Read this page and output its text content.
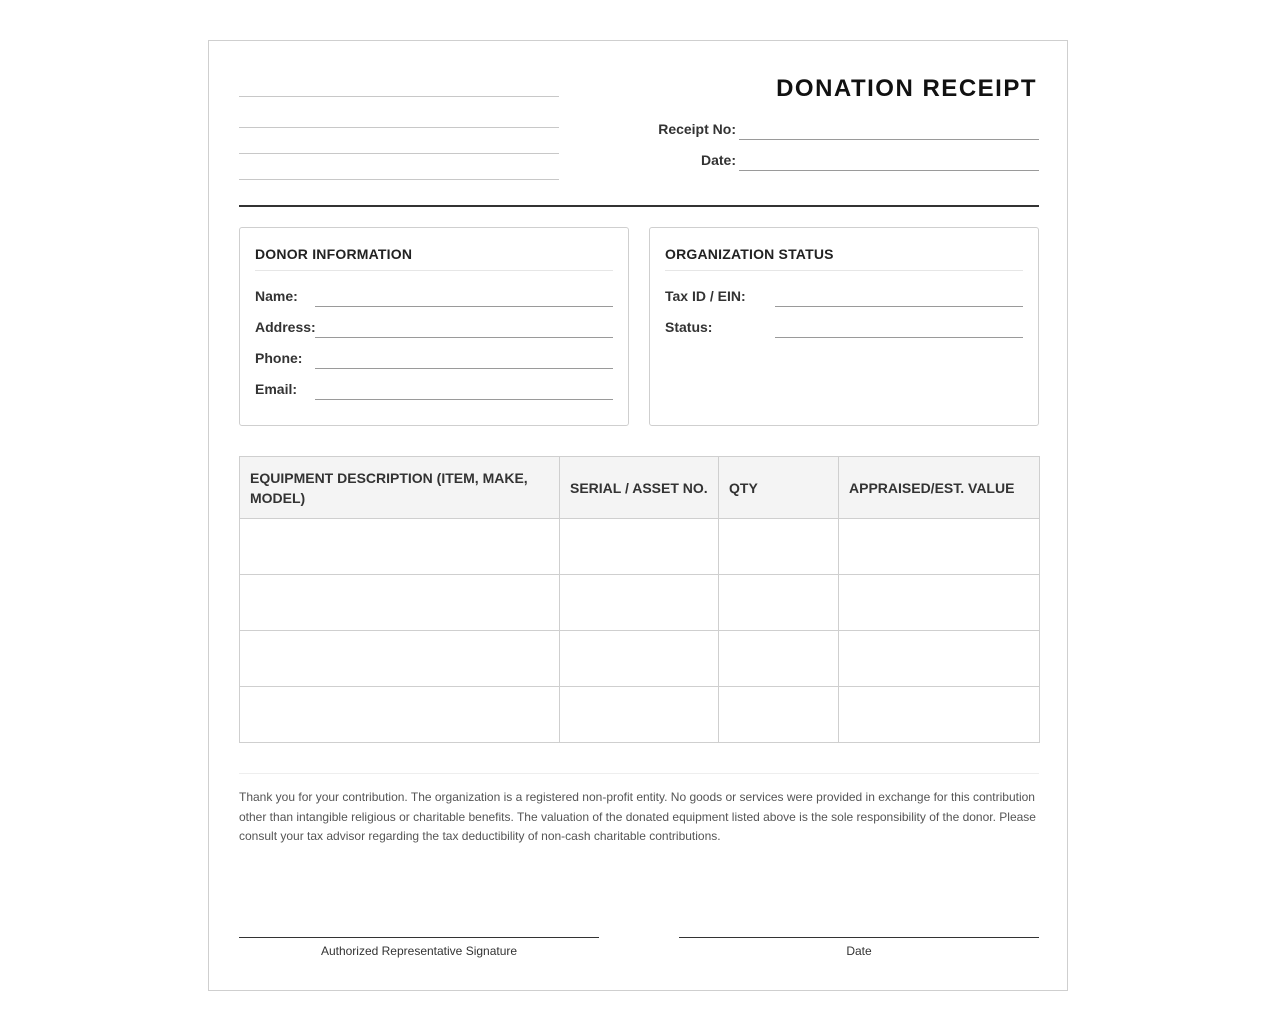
DONATION RECEIPT
Receipt No:
Date:
DONOR INFORMATION
Name:
Address:
Phone:
Email:
ORGANIZATION STATUS
Tax ID / EIN:
Status:
EQUIPMENT DESCRIPTION (ITEM, MAKE, MODEL)	SERIAL / ASSET NO.	QTY	APPRAISED/EST. VALUE

Thank you for your contribution. The organization is a registered non-profit entity. No goods or services were provided in exchange for this contribution other than intangible religious or charitable benefits. The valuation of the donated equipment listed above is the sole responsibility of the donor. Please consult your tax advisor regarding the tax deductibility of non-cash charitable contributions.
Authorized Representative Signature	Date
